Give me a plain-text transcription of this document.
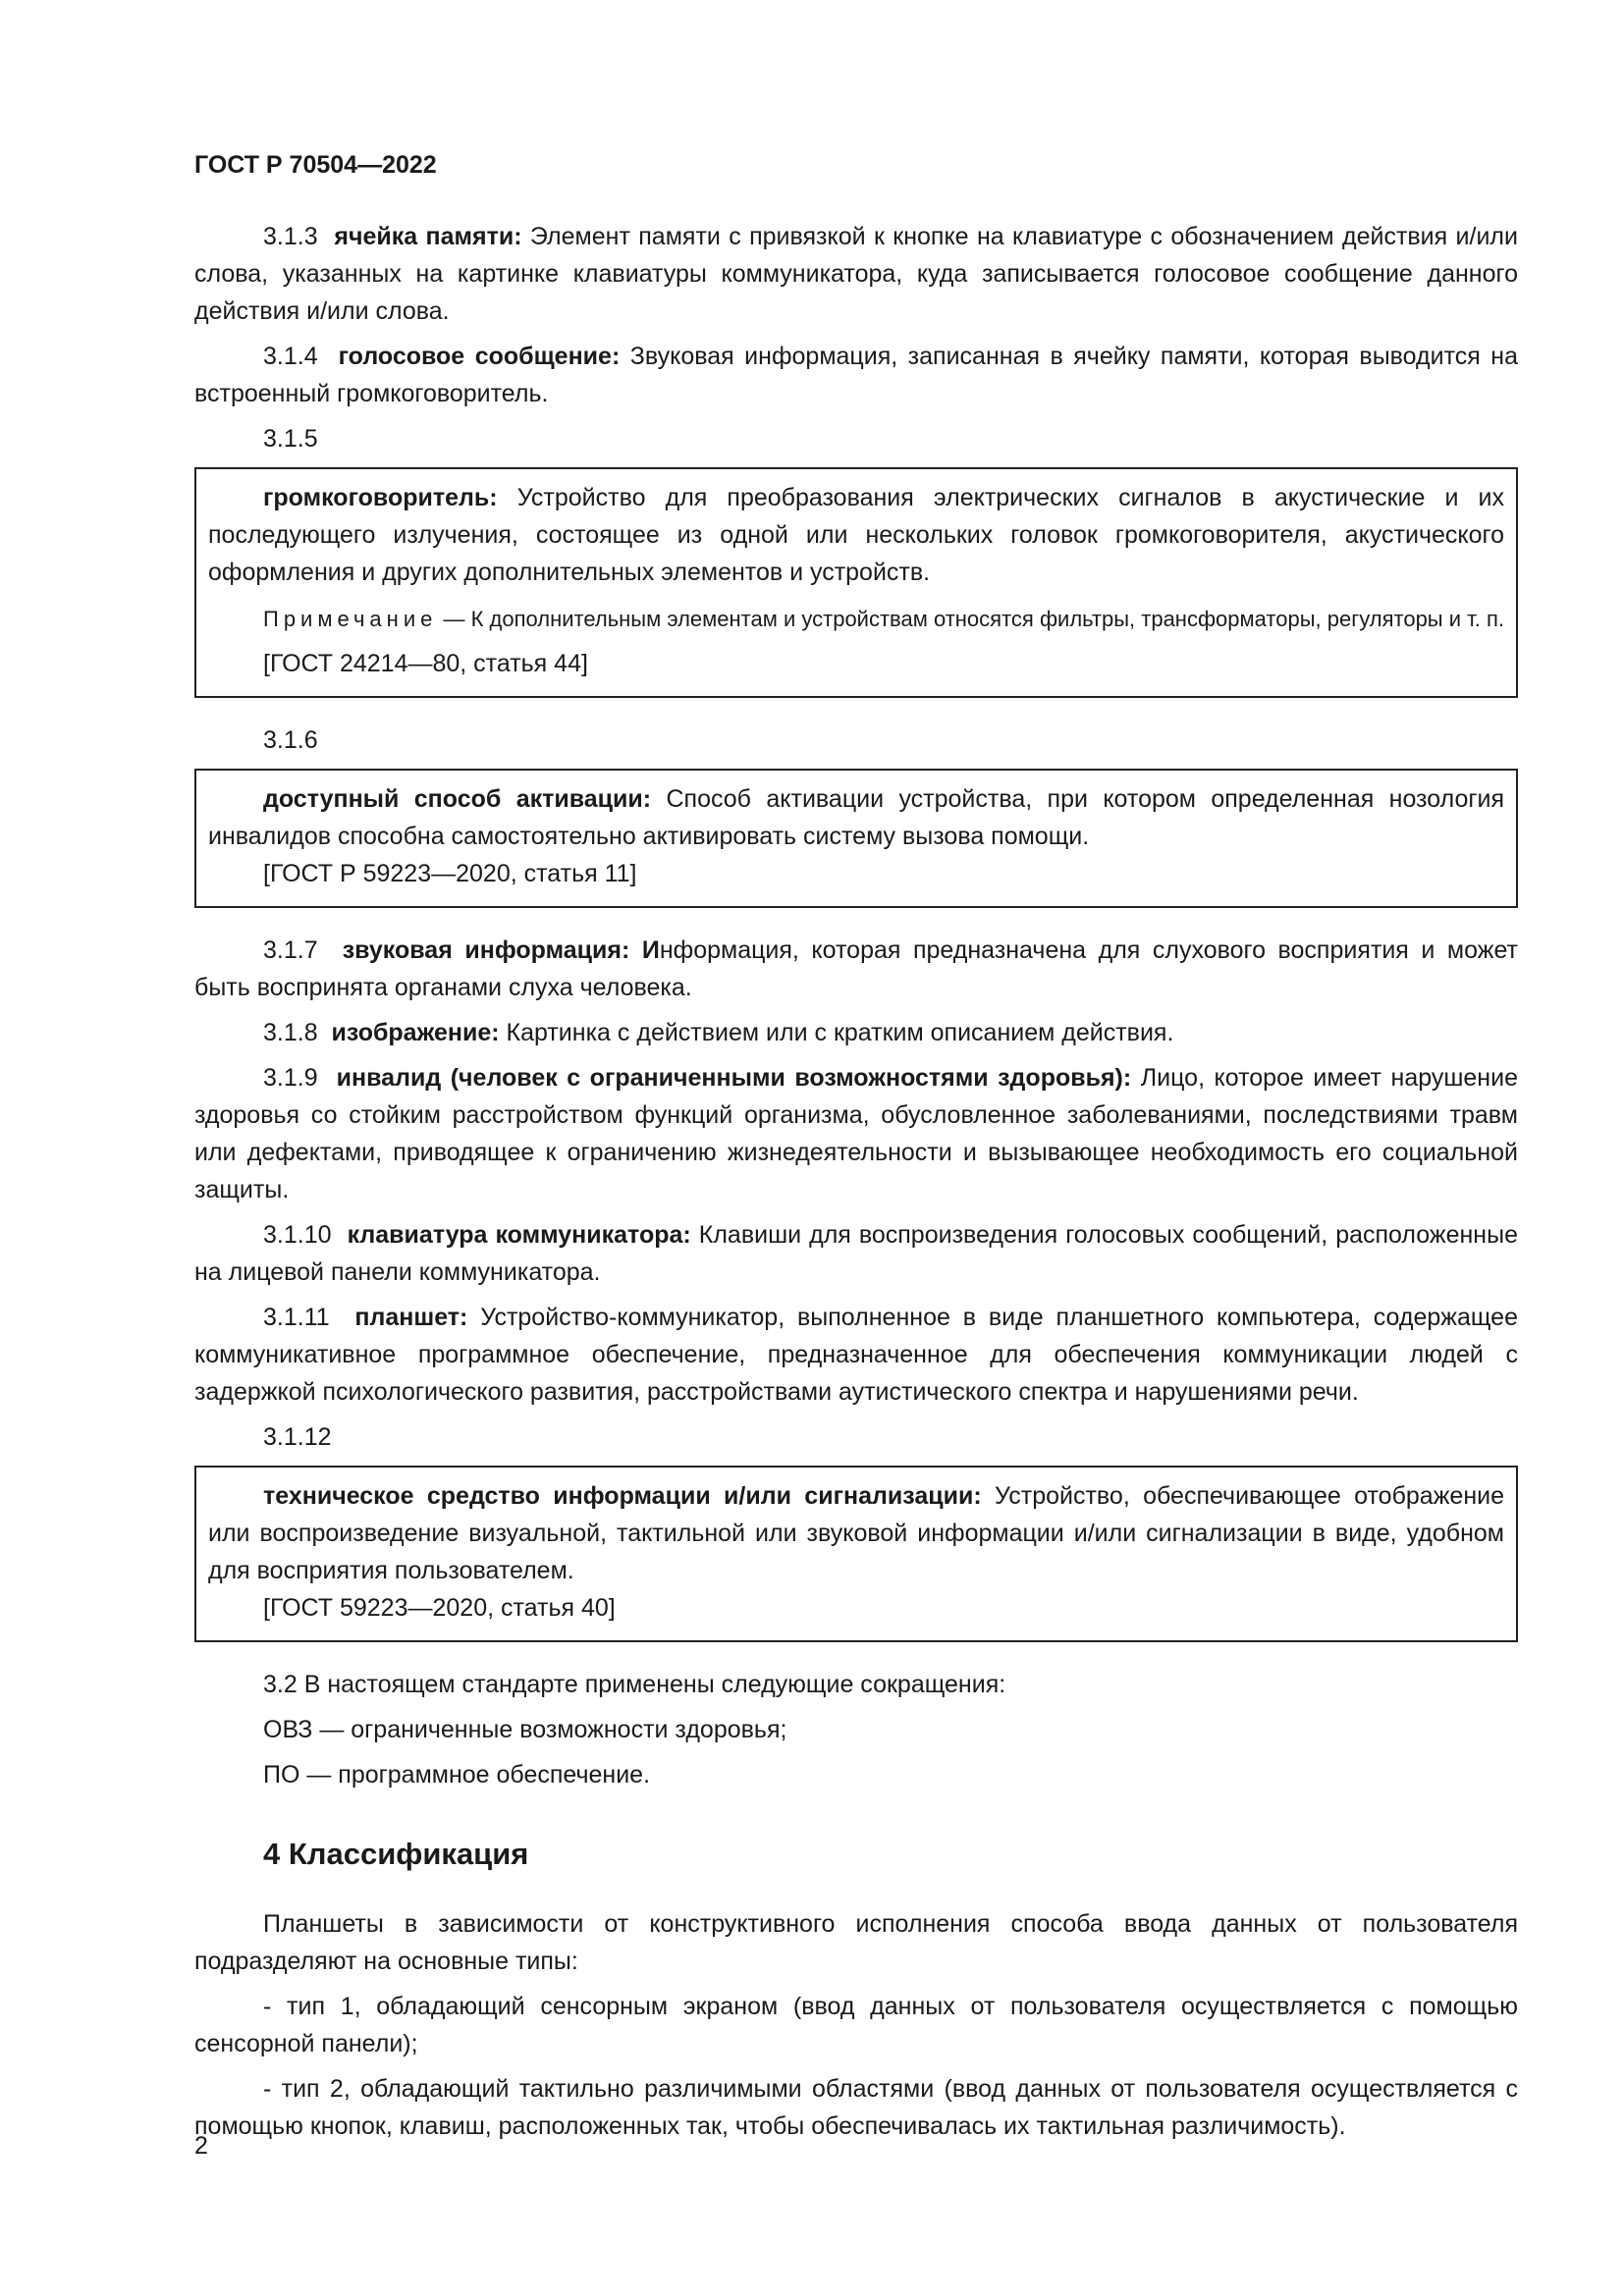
ГОСТ Р 70504—2022

3.1.3 ячейка памяти: Элемент памяти с привязкой к кнопке на клавиатуре с обозначением действия и/или слова, указанных на картинке клавиатуры коммуникатора, куда записывается голосовое сообщение данного действия и/или слова.

3.1.4 голосовое сообщение: Звуковая информация, записанная в ячейку памяти, которая выводится на встроенный громкоговоритель.

3.1.5

громкоговоритель: Устройство для преобразования электрических сигналов в акустические и их последующего излучения, состоящее из одной или нескольких головок громкоговорителя, акустического оформления и других дополнительных элементов и устройств.

Примечание — К дополнительным элементам и устройствам относятся фильтры, трансформаторы, регуляторы и т. п.

[ГОСТ 24214—80, статья 44]

3.1.6

доступный способ активации: Способ активации устройства, при котором определенная нозология инвалидов способна самостоятельно активировать систему вызова помощи.

[ГОСТ Р 59223—2020, статья 11]

3.1.7 звуковая информация: Информация, которая предназначена для слухового восприятия и может быть воспринята органами слуха человека.

3.1.8 изображение: Картинка с действием или с кратким описанием действия.

3.1.9 инвалид (человек с ограниченными возможностями здоровья): Лицо, которое имеет нарушение здоровья со стойким расстройством функций организма, обусловленное заболеваниями, последствиями травм или дефектами, приводящее к ограничению жизнедеятельности и вызывающее необходимость его социальной защиты.

3.1.10 клавиатура коммуникатора: Клавиши для воспроизведения голосовых сообщений, расположенные на лицевой панели коммуникатора.

3.1.11 планшет: Устройство-коммуникатор, выполненное в виде планшетного компьютера, содержащее коммуникативное программное обеспечение, предназначенное для обеспечения коммуникации людей с задержкой психологического развития, расстройствами аутистического спектра и нарушениями речи.

3.1.12

техническое средство информации и/или сигнализации: Устройство, обеспечивающее отображение или воспроизведение визуальной, тактильной или звуковой информации и/или сигнализации в виде, удобном для восприятия пользователем.

[ГОСТ 59223—2020, статья 40]

3.2 В настоящем стандарте применены следующие сокращения:

ОВЗ — ограниченные возможности здоровья;

ПО — программное обеспечение.

4 Классификация

Планшеты в зависимости от конструктивного исполнения способа ввода данных от пользователя подразделяют на основные типы:

- тип 1, обладающий сенсорным экраном (ввод данных от пользователя осуществляется с помощью сенсорной панели);

- тип 2, обладающий тактильно различимыми областями (ввод данных от пользователя осуществляется с помощью кнопок, клавиш, расположенных так, чтобы обеспечивалась их тактильная различимость).

2
